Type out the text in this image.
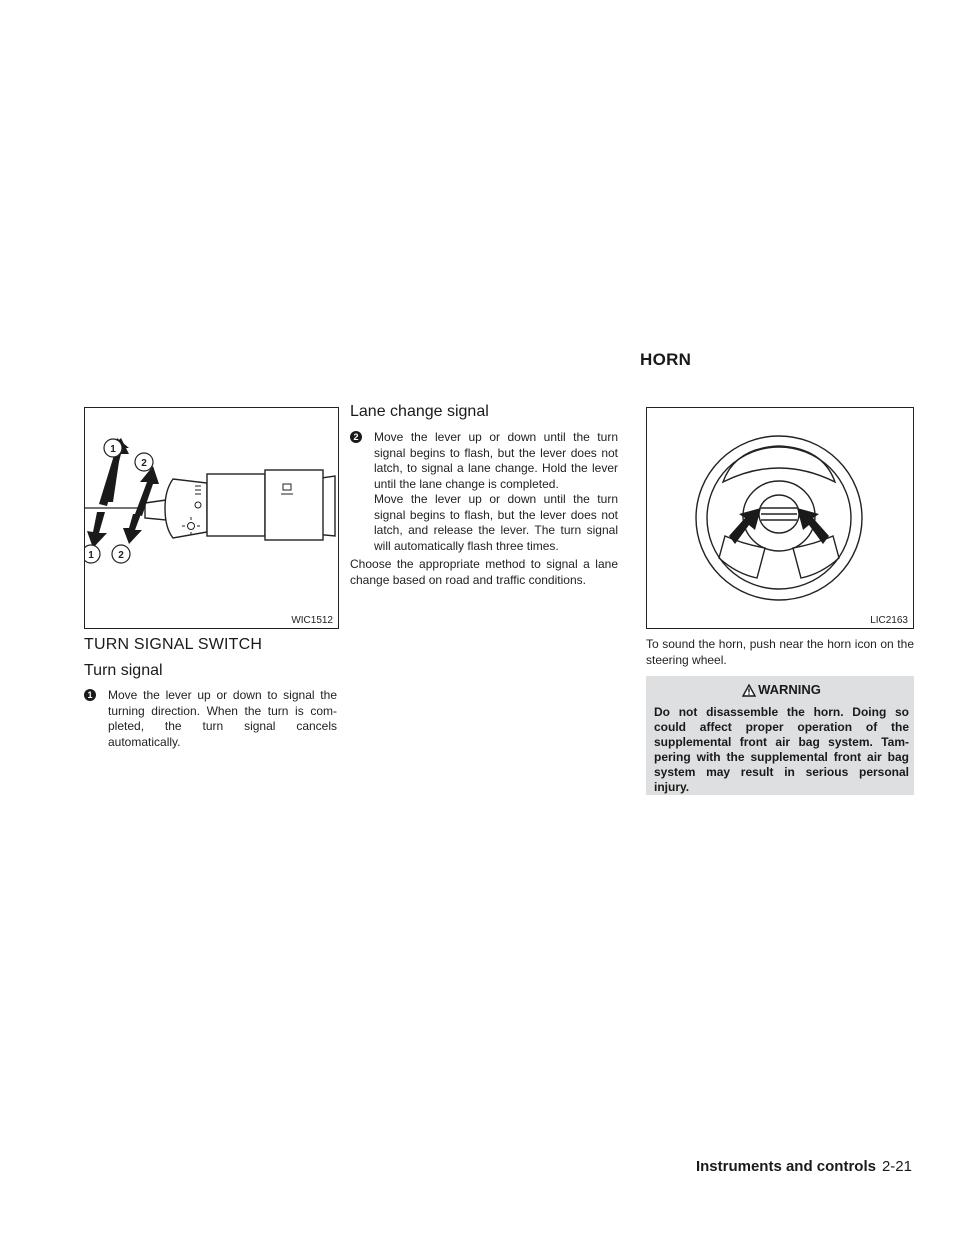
HORN
1
2
1 2
WIC1512	LIC2163
TURN SIGNAL SWITCH
Turn signal
1 Move the lever up or down to signal the turning direction. When the turn is com-pleted, the turn signal cancels automatically.
Lane change signal
2 Move the lever up or down until the turn signal begins to flash, but the lever does not latch, to signal a lane change. Hold the lever until the lane change is completed.
Move the lever up or down until the turn signal begins to flash, but the lever does not latch, and release the lever. The turn signal will automatically flash three times.
Choose the appropriate method to signal a lane change based on road and traffic conditions.
To sound the horn, push near the horn icon on the steering wheel.
WARNING
Do not disassemble the horn. Doing so could affect proper operation of the supplemental front air bag system. Tam-pering with the supplemental front air bag system may result in serious personal injury.
Instruments and controls 2-21
